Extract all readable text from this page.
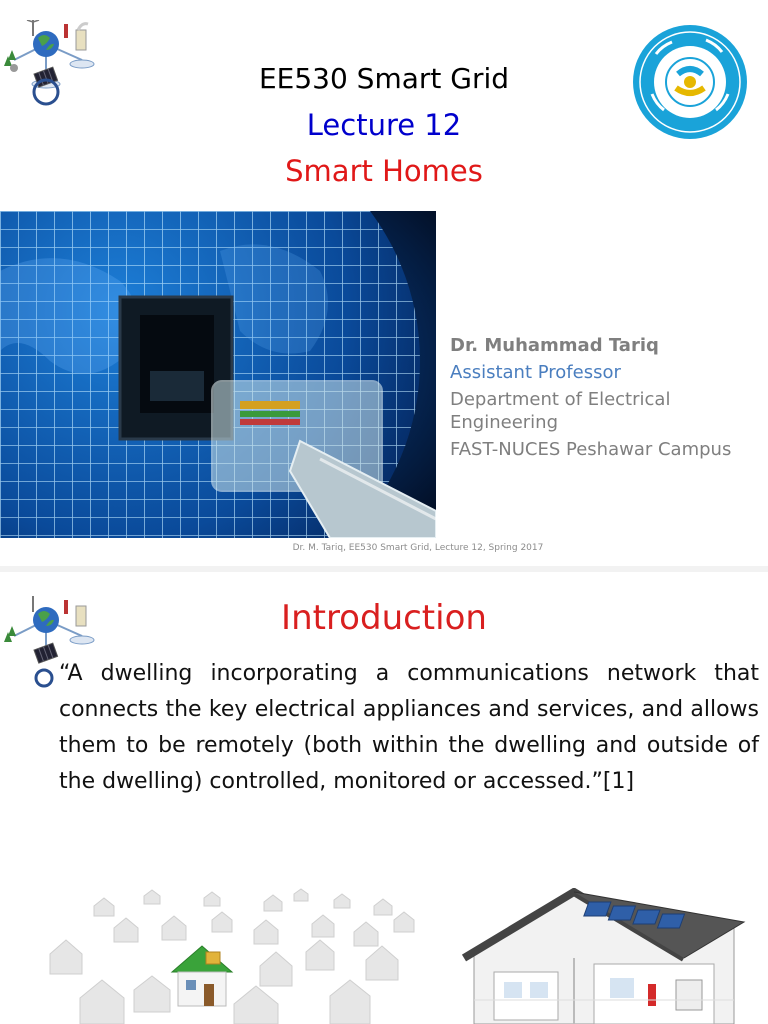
EE530 Smart Grid
Lecture 12
Smart Homes
Dr. Muhammad Tariq
Assistant Professor
Department of Electrical Engineering
FAST-NUCES Peshawar Campus
Dr. M. Tariq, EE530 Smart Grid, Lecture 12, Spring 2017
Introduction
“A dwelling incorporating a communications network that connects the key electrical appliances and services, and allows them to be remotely (both within the dwelling and outside of the dwelling) controlled, monitored or accessed.”[1]
